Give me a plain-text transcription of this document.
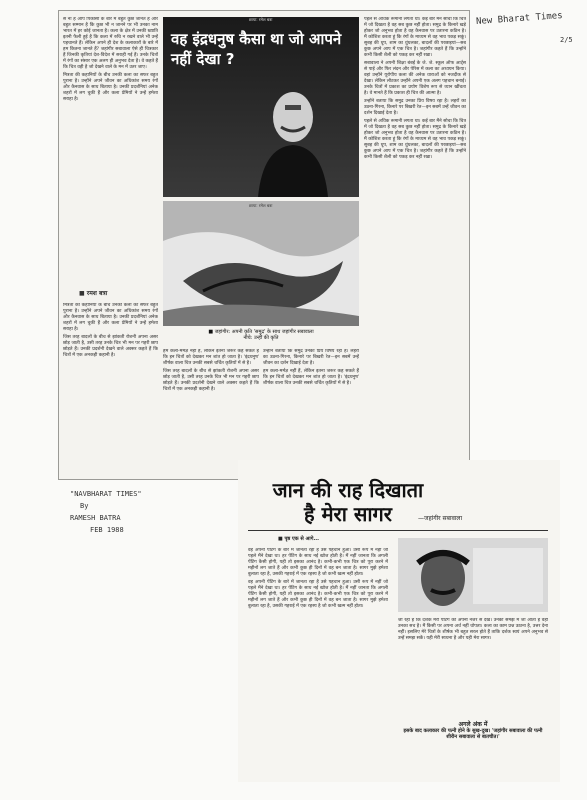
New Bharat Times
2/5

स ना है आप पिकासो के बारे में बहुत कुछ जानते हैं और बहुत सम्मान है कि कुछ भी न जानने पर भी उनका नाम भारत में हर कोई जानता है। कला के क्षेत्र में उनकी ख्याति इतनी फैली हुई है कि कला में रुचि न रखने वाले भी उन्हें पहचानते हैं। लेकिन अपने ही देश के कलाकारों के बारे में हम कितना जानते हैं? जहांगीर सबावाला ऐसे ही चित्रकार हैं जिनकी कृतियां देश-विदेश में सराही गई हैं। उनके चित्रों में रंगों का संसार एक अलग ही अनुभव देता है। वे कहते हैं कि चित्र वही है जो देखने वाले के मन में उतर जाए।

मित्रता की कहानियों के बीच उनकी कला का सफर बहुत पुराना है। उन्होंने अपने जीवन का अधिकांश समय रंगों और कैनवास के साथ बिताया है। उनकी प्रदर्शनियां अनेक शहरों में लग चुकी हैं और कला प्रेमियों ने उन्हें हमेशा सराहा है।

■ रमेश बत्रा

मित्रता की कहानियों के बीच उनकी कला का सफर बहुत पुराना है। उन्होंने अपने जीवन का अधिकांश समय रंगों और कैनवास के साथ बिताया है। उनकी प्रदर्शनियां अनेक शहरों में लग चुकी हैं और कला प्रेमियों ने उन्हें हमेशा सराहा है।

जिस तरह बादलों के बीच से झांकती रोशनी अपना असर छोड़ जाती है, उसी तरह उनके चित्र भी मन पर गहरी छाप छोड़ते हैं। उनकी प्रदर्शनी देखने वाले अक्सर कहते हैं कि चित्रों में एक अनकही कहानी है।

वह इंद्रधनुष कैसा था जो आपने नहीं देखा ?
छाया: रमेश बत्रा
छाया: रमेश बत्रा
■ जहांगीर: अपनी कृति 'समुद्र' के साथ जहांगीर सबावाला
नीचे: उन्हीं की कृति

पहले से अधिक रूमानी लगता था। कई बार मैंने सोचा कि चित्र में जो दिखता है वह सब कुछ नहीं होता। समुद्र के किनारे खड़े होकर जो अनुभव होता है वह कैनवास पर उतारना कठिन है। मैं कोशिश करता हूं कि रंगों के माध्यम से वह भाव पकड़ सकूं। सुबह की धूप, शाम का धुंधलका, बादलों की परछाइयां—सब कुछ अपने आप में एक चित्र है। जहांगीर कहते हैं कि उन्होंने कभी किसी शैली को पकड़ कर नहीं रखा।

सबावाला ने अपनी शिक्षा बंबई के जे. जे. स्कूल ऑफ आर्ट्स से पाई और फिर लंदन और पेरिस में कला का अध्ययन किया। वहां उन्होंने यूरोपीय कला की अनेक धाराओं को नजदीक से देखा। लेकिन लौटकर उन्होंने अपनी एक अलग पहचान बनाई। उनके चित्रों में प्रकाश का प्रयोग विशेष रूप से ध्यान खींचता है। वे मानते हैं कि प्रकाश ही चित्र की आत्मा है।

उन्होंने बताया कि समुद्र उनका प्रिय विषय रहा है। लहरों का उठना-गिरना, किनारे पर बिखरी रेत—इन सबमें उन्हें जीवन का दर्शन दिखाई देता है।

पहले से अधिक रूमानी लगता था। कई बार मैंने सोचा कि चित्र में जो दिखता है वह सब कुछ नहीं होता। समुद्र के किनारे खड़े होकर जो अनुभव होता है वह कैनवास पर उतारना कठिन है। मैं कोशिश करता हूं कि रंगों के माध्यम से वह भाव पकड़ सकूं। सुबह की धूप, शाम का धुंधलका, बादलों की परछाइयां—सब कुछ अपने आप में एक चित्र है। जहांगीर कहते हैं कि उन्होंने कभी किसी शैली को पकड़ कर नहीं रखा।

हम कला-मर्मज्ञ नहीं हैं, लेकिन इतना जरूर कह सकते हैं कि इन चित्रों को देखकर मन शांत हो जाता है। 'इंद्रधनुष' शीर्षक वाला चित्र उनकी सबसे चर्चित कृतियों में से है।

जिस तरह बादलों के बीच से झांकती रोशनी अपना असर छोड़ जाती है, उसी तरह उनके चित्र भी मन पर गहरी छाप छोड़ते हैं। उनकी प्रदर्शनी देखने वाले अक्सर कहते हैं कि चित्रों में एक अनकही कहानी है।

उन्होंने बताया कि समुद्र उनका प्रिय विषय रहा है। लहरों का उठना-गिरना, किनारे पर बिखरी रेत—इन सबमें उन्हें जीवन का दर्शन दिखाई देता है।

हम कला-मर्मज्ञ नहीं हैं, लेकिन इतना जरूर कह सकते हैं कि इन चित्रों को देखकर मन शांत हो जाता है। 'इंद्रधनुष' शीर्षक वाला चित्र उनकी सबसे चर्चित कृतियों में से है।

"NAVBHARAT TIMES"
By
RAMESH BATRA
FEB 1988
जान की राह दिखाता
है मेरा सागर	—जहांगीर सबावाला
■ पृष्ठ एक से आगे...

वह अपनी पेंटिंग के बारे में जानता रहा है उसे पहचान हुआ। उसी रूप में नहीं जो पहले मैंने देखा था। हर पेंटिंग के साथ नई खोज होती है। मैं नहीं जानता कि अगली पेंटिंग कैसी होगी, यही तो इसका आनंद है। कभी-कभी एक चित्र को पूरा करने में महीनों लग जाते हैं और कभी कुछ ही दिनों में वह बन जाता है। सागर मुझे हमेशा बुलाता रहा है, उसकी गहराई में एक रहस्य है जो कभी खत्म नहीं होता।

वह अपनी पेंटिंग के बारे में जानता रहा है उसे पहचान हुआ। उसी रूप में नहीं जो पहले मैंने देखा था। हर पेंटिंग के साथ नई खोज होती है। मैं नहीं जानता कि अगली पेंटिंग कैसी होगी, यही तो इसका आनंद है। कभी-कभी एक चित्र को पूरा करने में महीनों लग जाते हैं और कभी कुछ ही दिनों में वह बन जाता है। सागर मुझे हमेशा बुलाता रहा है, उसकी गहराई में एक रहस्य है जो कभी खत्म नहीं होता।

जी रहा है कि दर्शक मेरी पेंटिंग को अपनी नजर से देखें। उनकी समझ में जो आता है वही उनका सच है। मैं किसी पर अपना अर्थ नहीं थोपता। कला का काम प्रश्न उठाना है, उत्तर देना नहीं। इसलिए मेरे चित्रों के शीर्षक भी बहुत सरल होते हैं ताकि दर्शक स्वयं अपने अनुभव से उन्हें समझ सकें। यही मेरी साधना है और यही मेरा सागर।

अगले अंक में
इसके बाद कलाकार की पत्नी होने के सुख-दुख। 'जहांगीर सबावाला की पत्नी शीरीन सबावाला से बातचीत।'
